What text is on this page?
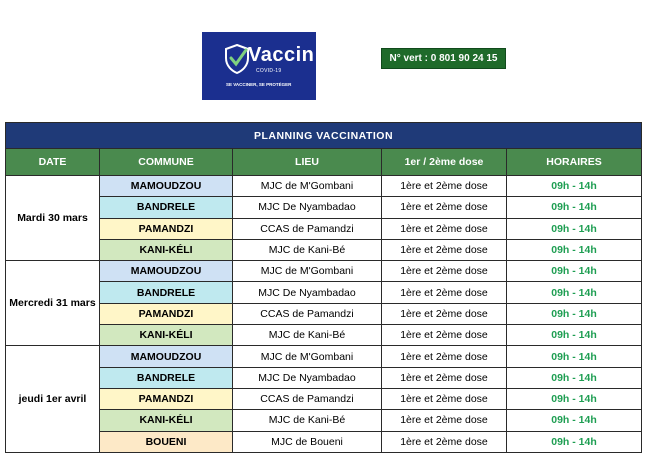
Vaccin
COVID-19
SE VACCINER, SE PROTÉGER
N° vert : 0 801 90 24 15
PLANNING VACCINATION				
DATE	COMMUNE	LIEU	1er / 2ème dose	HORAIRES
Mardi 30 mars	MAMOUDZOU	MJC de M'Gombani	1ère et 2ème dose	09h - 14h
	BANDRELE	MJC De Nyambadao	1ère et 2ème dose	09h - 14h
	PAMANDZI	CCAS de Pamandzi	1ère et 2ème dose	09h - 14h
	KANI-KÉLI	MJC de Kani-Bé	1ère et 2ème dose	09h - 14h
Mercredi 31 mars	MAMOUDZOU	MJC de M'Gombani	1ère et 2ème dose	09h - 14h
	BANDRELE	MJC De Nyambadao	1ère et 2ème dose	09h - 14h
	PAMANDZI	CCAS de Pamandzi	1ère et 2ème dose	09h - 14h
	KANI-KÉLI	MJC de Kani-Bé	1ère et 2ème dose	09h - 14h
jeudi 1er avril	MAMOUDZOU	MJC de M'Gombani	1ère et 2ème dose	09h - 14h
	BANDRELE	MJC De Nyambadao	1ère et 2ème dose	09h - 14h
	PAMANDZI	CCAS de Pamandzi	1ère et 2ème dose	09h - 14h
	KANI-KÉLI	MJC de Kani-Bé	1ère et 2ème dose	09h - 14h
	BOUENI	MJC de Boueni	1ère et 2ème dose	09h - 14h
